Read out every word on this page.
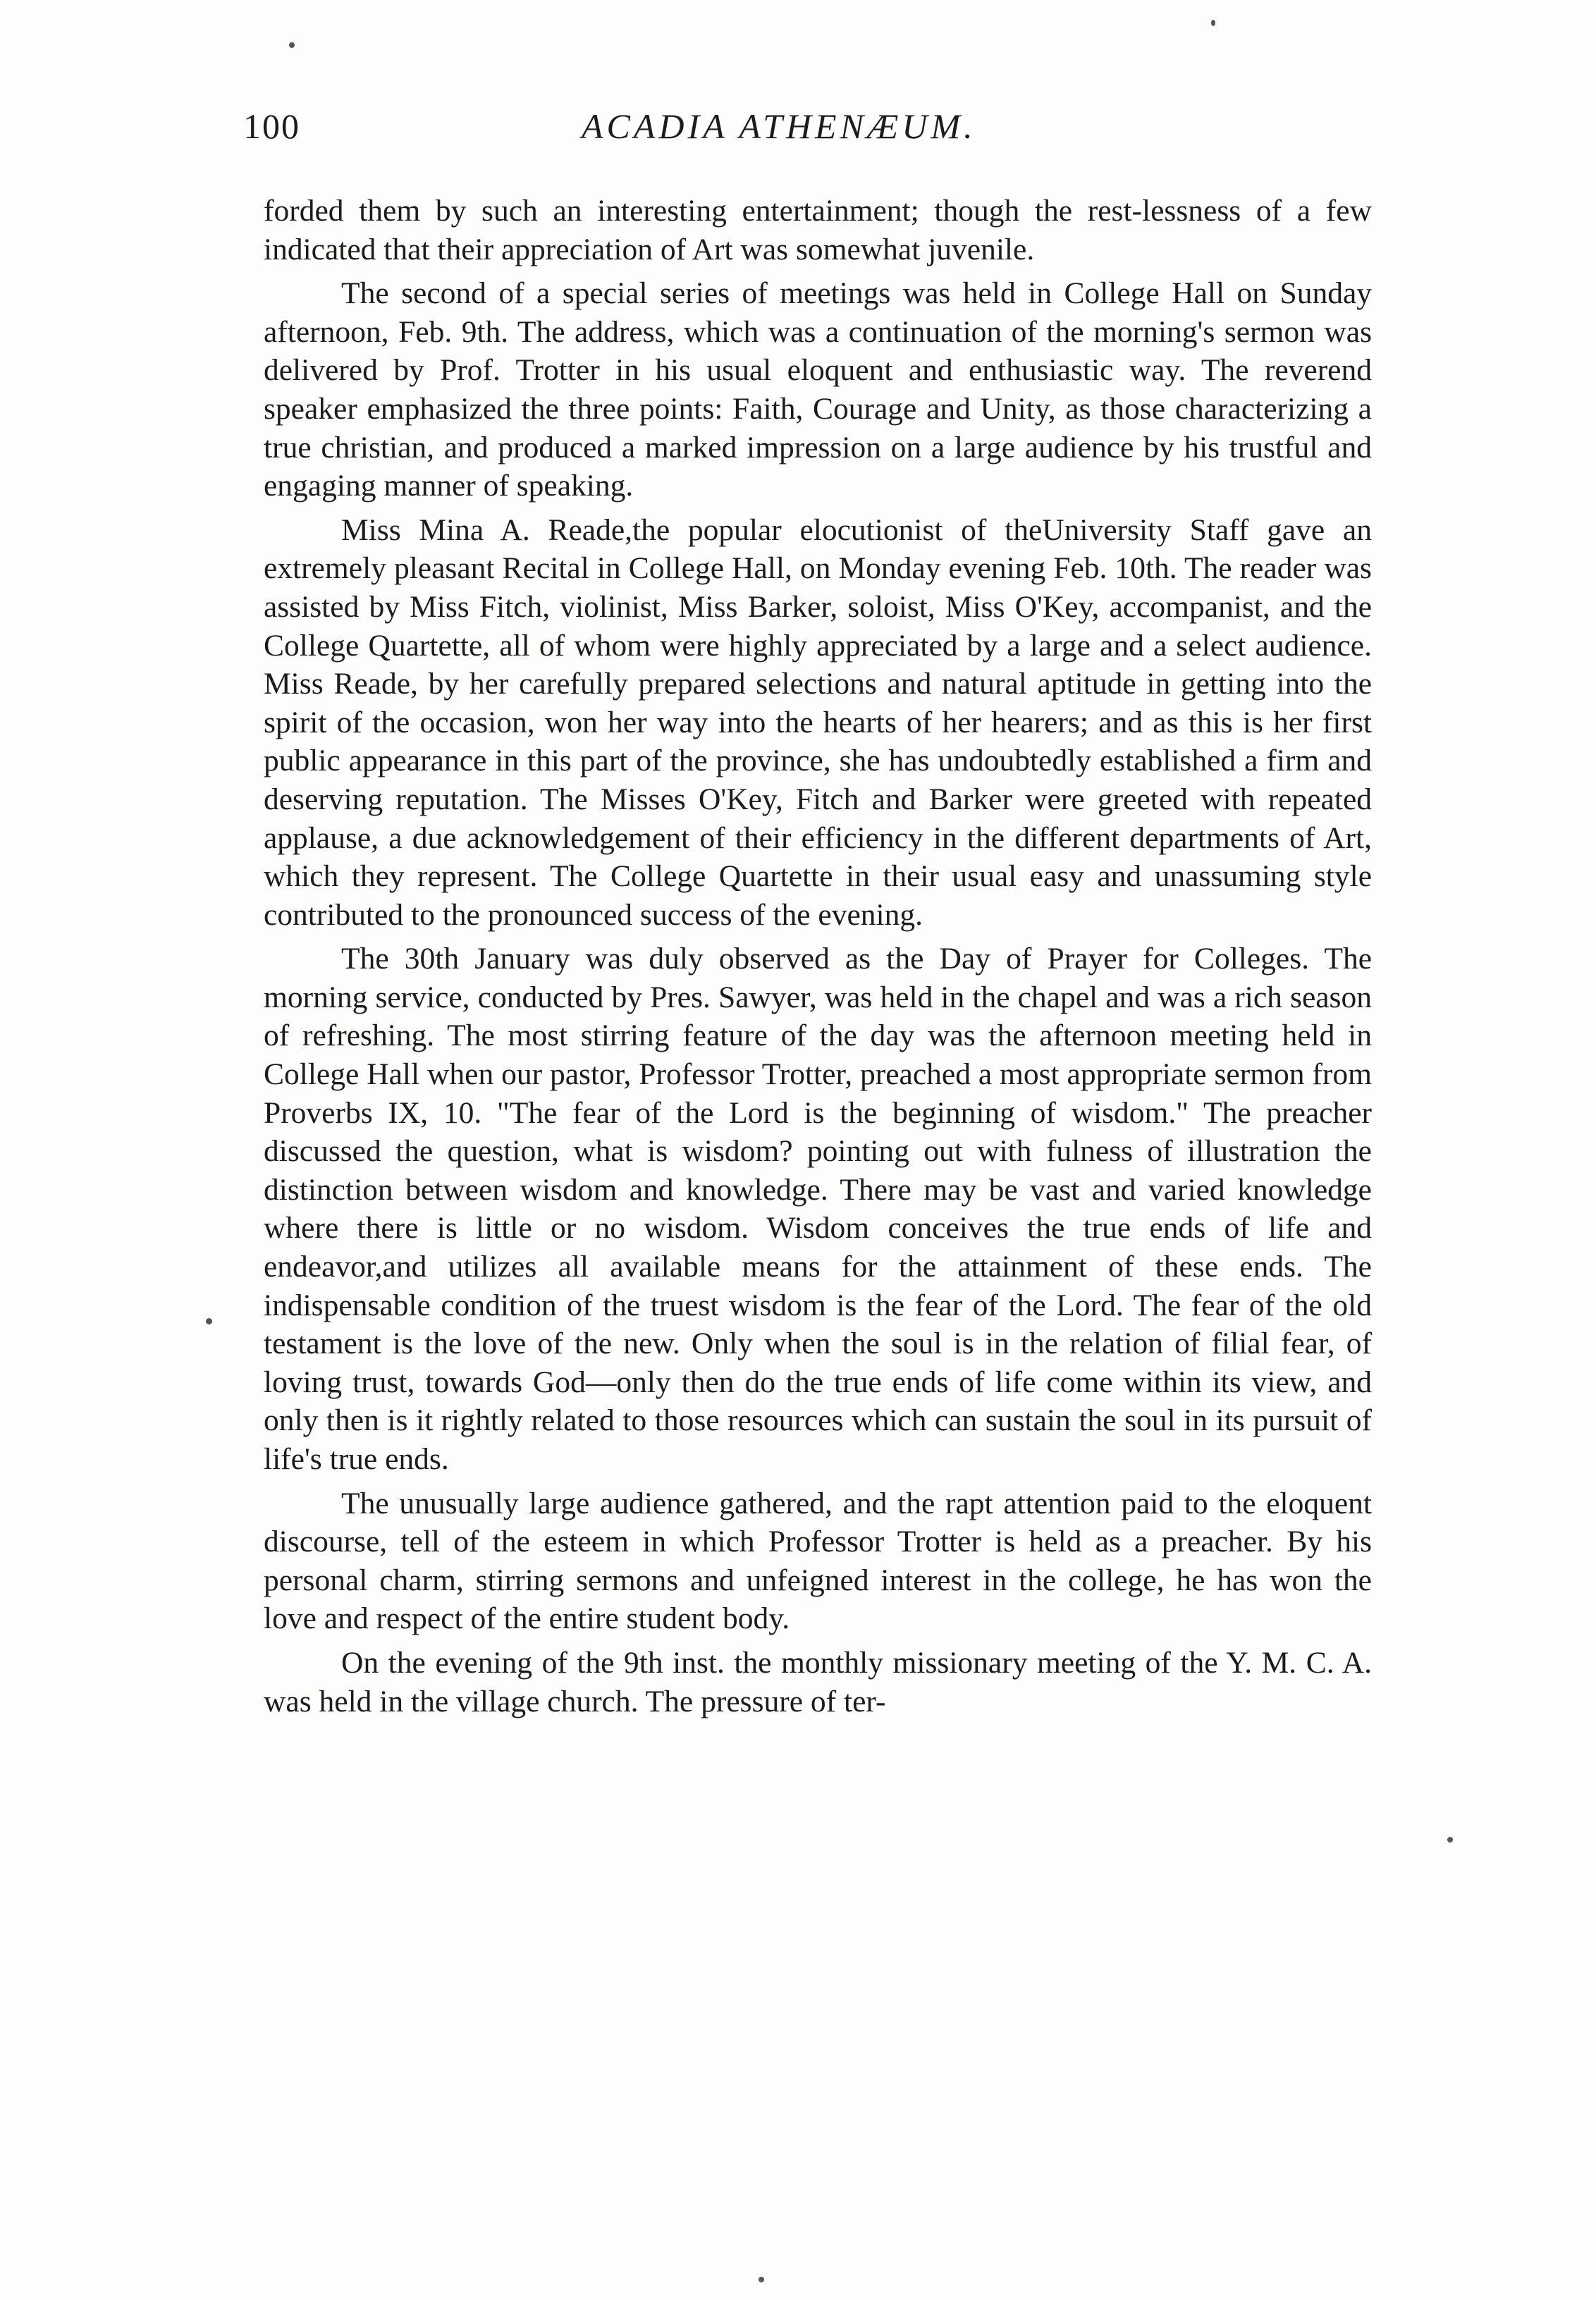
100	ACADIA ATHENÆUM.

forded them by such an interesting entertainment; though the rest-lessness of a few indicated that their appreciation of Art was somewhat juvenile.

The second of a special series of meetings was held in College Hall on Sunday afternoon, Feb. 9th. The address, which was a continuation of the morning's sermon was delivered by Prof. Trotter in his usual eloquent and enthusiastic way. The reverend speaker emphasized the three points: Faith, Courage and Unity, as those characterizing a true christian, and produced a marked impression on a large audience by his trustful and engaging manner of speaking.

Miss Mina A. Reade,the popular elocutionist of theUniversity Staff gave an extremely pleasant Recital in College Hall, on Monday evening Feb. 10th. The reader was assisted by Miss Fitch, violinist, Miss Barker, soloist, Miss O'Key, accompanist, and the College Quartette, all of whom were highly appreciated by a large and a select audience. Miss Reade, by her carefully prepared selections and natural aptitude in getting into the spirit of the occasion, won her way into the hearts of her hearers; and as this is her first public appearance in this part of the province, she has undoubtedly established a firm and deserving reputation. The Misses O'Key, Fitch and Barker were greeted with repeated applause, a due acknowledgement of their efficiency in the different departments of Art, which they represent. The College Quartette in their usual easy and unassuming style contributed to the pronounced success of the evening.

The 30th January was duly observed as the Day of Prayer for Colleges. The morning service, conducted by Pres. Sawyer, was held in the chapel and was a rich season of refreshing. The most stirring feature of the day was the afternoon meeting held in College Hall when our pastor, Professor Trotter, preached a most appropriate sermon from Proverbs IX, 10. "The fear of the Lord is the beginning of wisdom." The preacher discussed the question, what is wisdom? pointing out with fulness of illustration the distinction between wisdom and knowledge. There may be vast and varied knowledge where there is little or no wisdom. Wisdom conceives the true ends of life and endeavor,and utilizes all available means for the attainment of these ends. The indispensable condition of the truest wisdom is the fear of the Lord. The fear of the old testament is the love of the new. Only when the soul is in the relation of filial fear, of loving trust, towards God—only then do the true ends of life come within its view, and only then is it rightly related to those resources which can sustain the soul in its pursuit of life's true ends.

The unusually large audience gathered, and the rapt attention paid to the eloquent discourse, tell of the esteem in which Professor Trotter is held as a preacher. By his personal charm, stirring sermons and unfeigned interest in the college, he has won the love and respect of the entire student body.

On the evening of the 9th inst. the monthly missionary meeting of the Y. M. C. A. was held in the village church. The pressure of ter-
